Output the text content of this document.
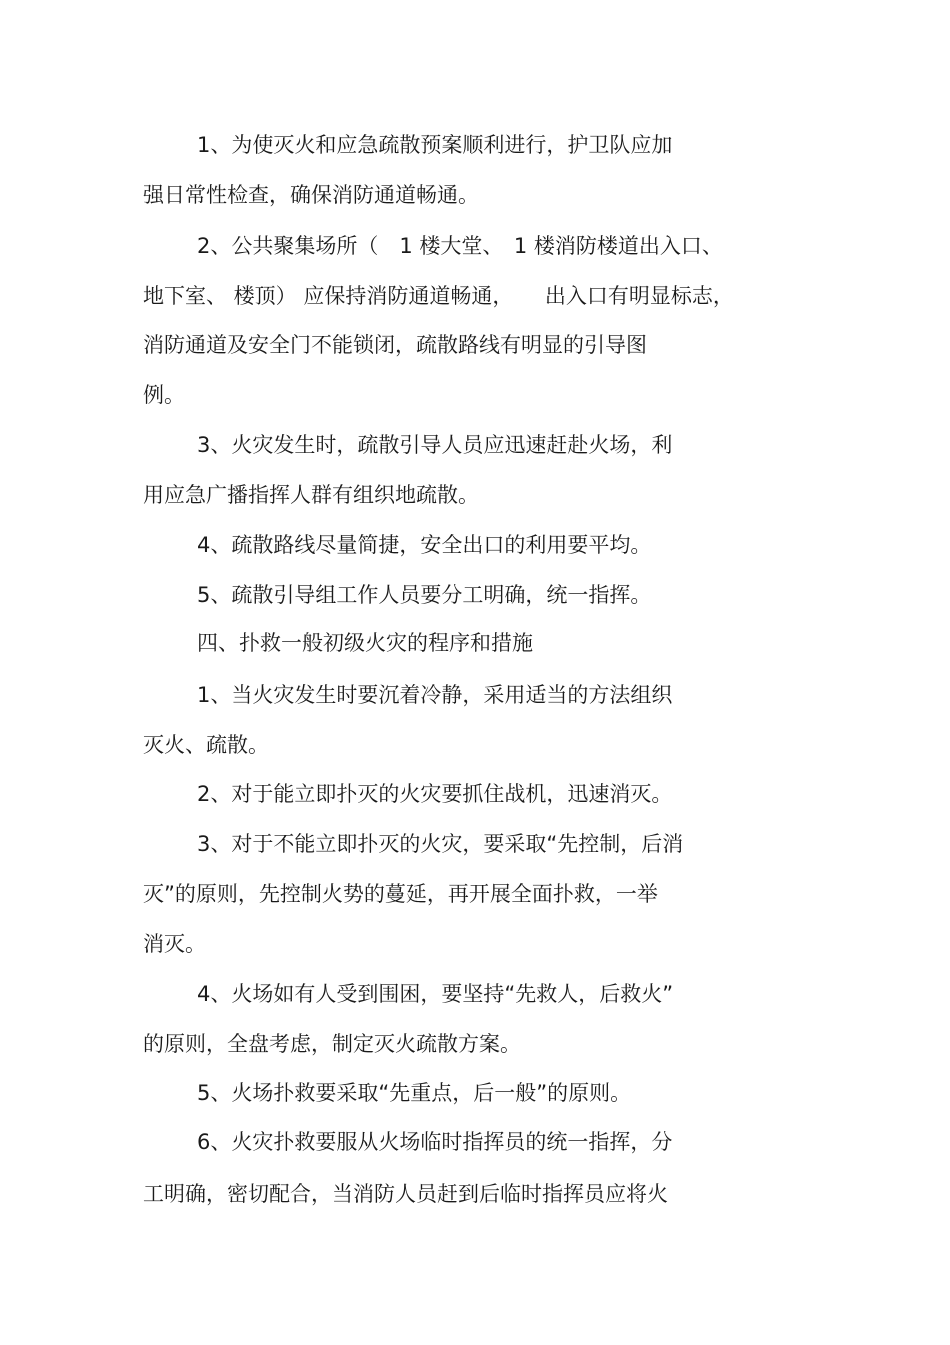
1、为使灭火和应急疏散预案顺利进行，护卫队应加
强日常性检查，确保消防通道畅通。
2、公共聚集场所（　1 楼大堂、　1 楼消防楼道出入口、
地下室、 楼顶） 应保持消防通道畅通，　　出入口有明显标志，
消防通道及安全门不能锁闭，疏散路线有明显的引导图
例。
3、火灾发生时，疏散引导人员应迅速赶赴火场，利
用应急广播指挥人群有组织地疏散。
4、疏散路线尽量简捷，安全出口的利用要平均。
5、疏散引导组工作人员要分工明确，统一指挥。
四、扑救一般初级火灾的程序和措施
1、当火灾发生时要沉着冷静，采用适当的方法组织
灭火、疏散。
2、对于能立即扑灭的火灾要抓住战机，迅速消灭。
3、对于不能立即扑灭的火灾，要采取“先控制，后消
灭”的原则，先控制火势的蔓延，再开展全面扑救，一举
消灭。
4、火场如有人受到围困，要坚持“先救人，后救火”
的原则，全盘考虑，制定灭火疏散方案。
5、火场扑救要采取“先重点，后一般”的原则。
6、火灾扑救要服从火场临时指挥员的统一指挥，分
工明确，密切配合，当消防人员赶到后临时指挥员应将火
